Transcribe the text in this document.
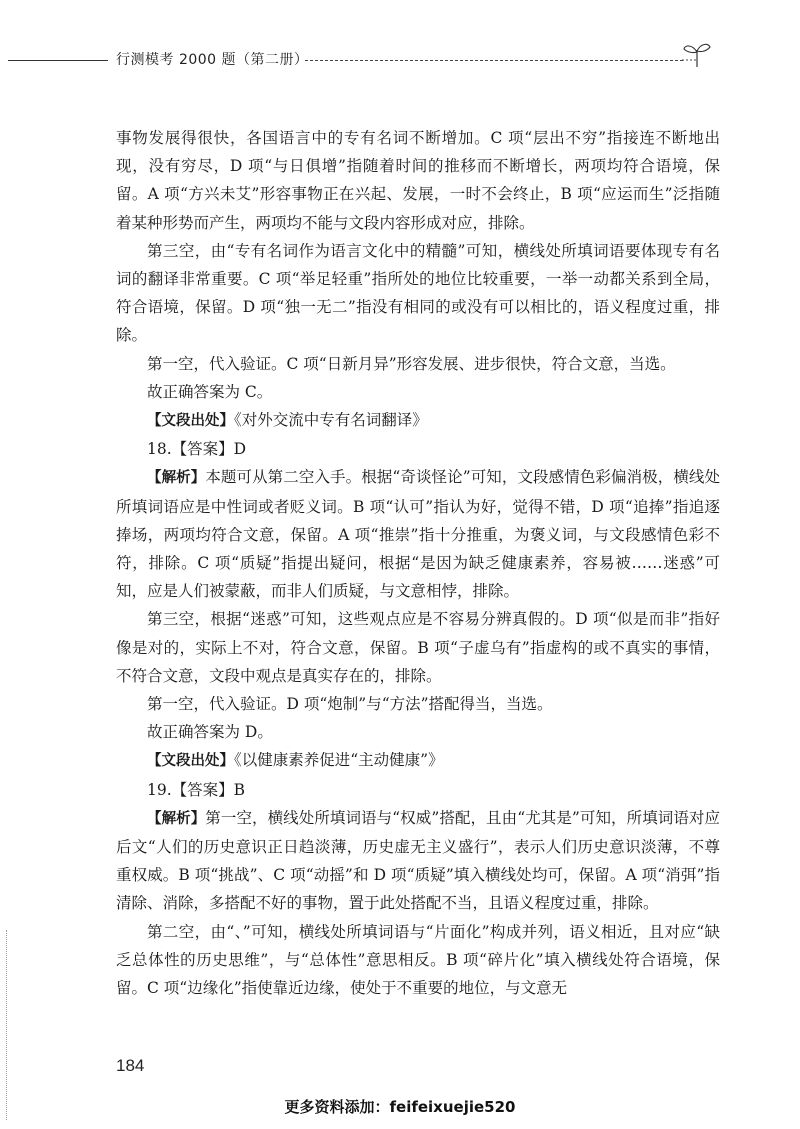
行测模考 2000 题（第二册）

事物发展得很快，各国语言中的专有名词不断增加。C 项“层出不穷”指接连不断地出现，没有穷尽，D 项“与日俱增”指随着时间的推移而不断增长，两项均符合语境，保留。A 项“方兴未艾”形容事物正在兴起、发展，一时不会终止，B 项“应运而生”泛指随着某种形势而产生，两项均不能与文段内容形成对应，排除。

第三空，由“专有名词作为语言文化中的精髓”可知，横线处所填词语要体现专有名词的翻译非常重要。C 项“举足轻重”指所处的地位比较重要，一举一动都关系到全局，符合语境，保留。D 项“独一无二”指没有相同的或没有可以相比的，语义程度过重，排除。

第一空，代入验证。C 项“日新月异”形容发展、进步很快，符合文意，当选。

故正确答案为 C。

【文段出处】《对外交流中专有名词翻译》

18.【答案】D

【解析】本题可从第二空入手。根据“奇谈怪论”可知，文段感情色彩偏消极，横线处所填词语应是中性词或者贬义词。B 项“认可”指认为好，觉得不错，D 项“追捧”指追逐捧场，两项均符合文意，保留。A 项“推崇”指十分推重，为褒义词，与文段感情色彩不符，排除。C 项“质疑”指提出疑问，根据“是因为缺乏健康素养，容易被……迷惑”可知，应是人们被蒙蔽，而非人们质疑，与文意相悖，排除。

第三空，根据“迷惑”可知，这些观点应是不容易分辨真假的。D 项“似是而非”指好像是对的，实际上不对，符合文意，保留。B 项“子虚乌有”指虚构的或不真实的事情，不符合文意，文段中观点是真实存在的，排除。

第一空，代入验证。D 项“炮制”与“方法”搭配得当，当选。

故正确答案为 D。

【文段出处】《以健康素养促进“主动健康”》

19.【答案】B

【解析】第一空，横线处所填词语与“权威”搭配，且由“尤其是”可知，所填词语对应后文“人们的历史意识正日趋淡薄，历史虚无主义盛行”，表示人们历史意识淡薄，不尊重权威。B 项“挑战”、C 项“动摇”和 D 项“质疑”填入横线处均可，保留。A 项“消弭”指清除、消除，多搭配不好的事物，置于此处搭配不当，且语义程度过重，排除。

第二空，由“、”可知，横线处所填词语与“片面化”构成并列，语义相近，且对应“缺乏总体性的历史思维”，与“总体性”意思相反。B 项“碎片化”填入横线处符合语境，保留。C 项“边缘化”指使靠近边缘，使处于不重要的地位，与文意无

184
更多资料添加：feifeixuejie520
